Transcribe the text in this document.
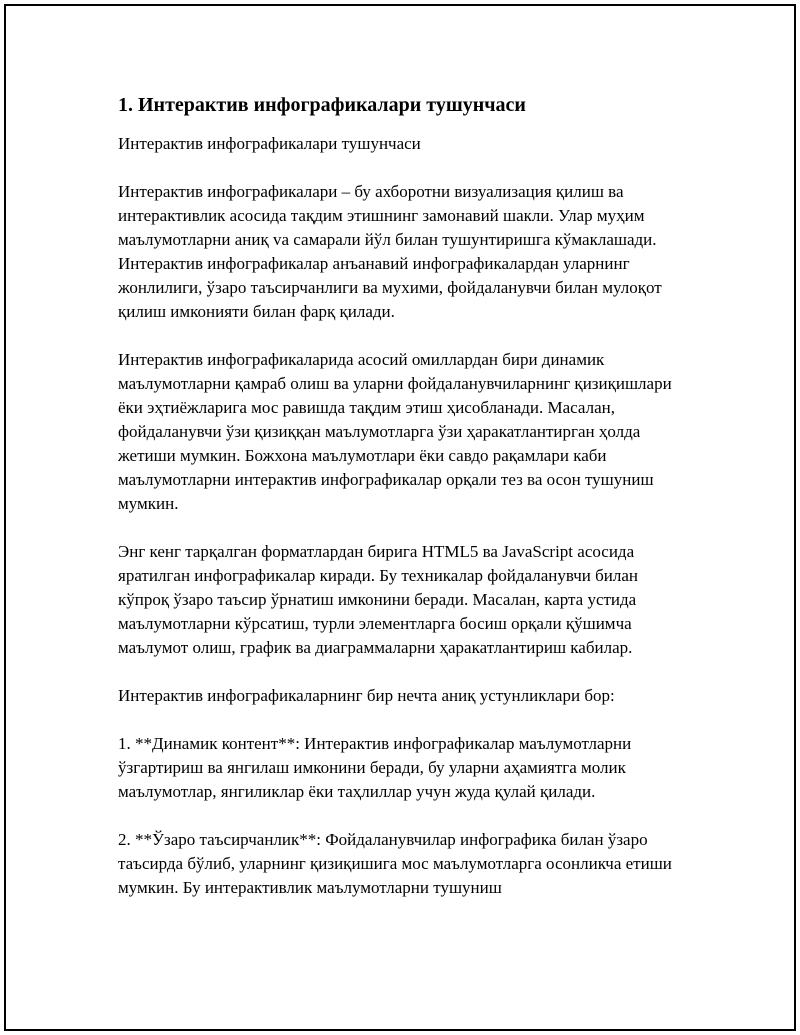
1. Интерактив инфографикалари тушунчаси

Интерактив инфографикалари тушунчаси

Интерактив инфографикалари – бу ахборотни визуализация қилиш ва интерактивлик асосида тақдим этишнинг замонавий шакли. Улар муҳим маълумотларни аниқ va самарали йўл билан тушунтиришга кўмаклашади. Интерактив инфографикалар анъанавий инфографикалардан уларнинг жонлилиги, ўзаро таъсирчанлиги ва мухими, фойдаланувчи билан мулоқот қилиш имконияти билан фарқ қилади.

Интерактив инфографикаларида асосий омиллардан бири динамик маълумотларни қамраб олиш ва уларни фойдаланувчиларнинг қизиқишлари ёки эҳтиёжларига мос равишда тақдим этиш ҳисобланади. Масалан, фойдаланувчи ўзи қизиққан маълумотларга ўзи ҳаракатлантирган ҳолда жетиши мумкин. Божхона маълумотлари ёки савдо рақамлари каби маълумотларни интерактив инфографикалар орқали тез ва осон тушуниш мумкин.

Энг кенг тарқалган форматлардан бирига HTML5 ва JavaScript асосида яратилган инфографикалар киради. Бу техникалар фойдаланувчи билан кўпроқ ўзаро таъсир ўрнатиш имконини беради. Масалан, карта устида маълумотларни кўрсатиш, турли элементларга босиш орқали қўшимча маълумот олиш, график ва диаграммаларни ҳаракатлантириш кабилар.

Интерактив инфографикаларнинг бир нечта аниқ устунликлари бор:

1. **Динамик контент**: Интерактив инфографикалар маълумотларни ўзгартириш ва янгилаш имконини беради, бу уларни аҳамиятга молик маълумотлар, янгиликлар ёки таҳлиллар учун жуда қулай қилади.

2. **Ўзаро таъсирчанлик**: Фойдаланувчилар инфографика билан ўзаро таъсирда бўлиб, уларнинг қизиқишига мос маълумотларга осонликча етиши мумкин. Бу интерактивлик маълумотларни тушуниш
